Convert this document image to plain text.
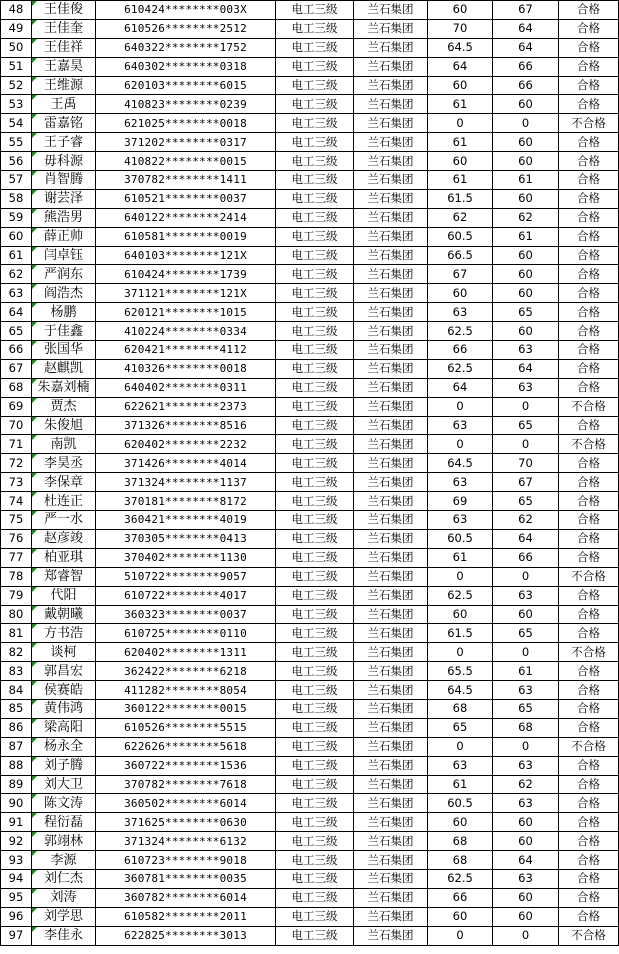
48	王佳俊	610424********003X	电工三级	兰石集团	60	67	合格
49	王佳奎	610526********2512	电工三级	兰石集团	70	64	合格
50	王佳祥	640322********1752	电工三级	兰石集团	64.5	64	合格
51	王嘉昊	640302********0318	电工三级	兰石集团	64	66	合格
52	王维源	620103********6015	电工三级	兰石集团	60	66	合格
53	王禹	410823********0239	电工三级	兰石集团	61	60	合格
54	雷嘉铭	621025********0018	电工三级	兰石集团	0	0	不合格
55	王子睿	371202********0317	电工三级	兰石集团	61	60	合格
56	毋科源	410822********0015	电工三级	兰石集团	60	60	合格
57	肖智腾	370782********1411	电工三级	兰石集团	61	61	合格
58	谢芸泽	610521********0037	电工三级	兰石集团	61.5	60	合格
59	熊浩男	640122********2414	电工三级	兰石集团	62	62	合格
60	薛正帅	610581********0019	电工三级	兰石集团	60.5	61	合格
61	闫卓钰	640103********121X	电工三级	兰石集团	66.5	60	合格
62	严润东	610424********1739	电工三级	兰石集团	67	60	合格
63	阎浩杰	371121********121X	电工三级	兰石集团	60	60	合格
64	杨鹏	620121********1015	电工三级	兰石集团	63	65	合格
65	于佳鑫	410224********0334	电工三级	兰石集团	62.5	60	合格
66	张国华	620421********4112	电工三级	兰石集团	66	63	合格
67	赵麒凯	410326********0018	电工三级	兰石集团	62.5	64	合格
68	朱嘉刘楠	640402********0311	电工三级	兰石集团	64	63	合格
69	贾杰	622621********2373	电工三级	兰石集团	0	0	不合格
70	朱俊旭	371326********8516	电工三级	兰石集团	63	65	合格
71	南凯	620402********2232	电工三级	兰石集团	0	0	不合格
72	李昊丞	371426********4014	电工三级	兰石集团	64.5	70	合格
73	李保章	371324********1137	电工三级	兰石集团	63	67	合格
74	杜连正	370181********8172	电工三级	兰石集团	69	65	合格
75	严一水	360421********4019	电工三级	兰石集团	63	62	合格
76	赵彦竣	370305********0413	电工三级	兰石集团	60.5	64	合格
77	柏亚琪	370402********1130	电工三级	兰石集团	61	66	合格
78	郑睿智	510722********9057	电工三级	兰石集团	0	0	不合格
79	代阳	610722********4017	电工三级	兰石集团	62.5	63	合格
80	戴朝曦	360323********0037	电工三级	兰石集团	60	60	合格
81	方书浩	610725********0110	电工三级	兰石集团	61.5	65	合格
82	谈柯	620402********1311	电工三级	兰石集团	0	0	不合格
83	郭昌宏	362422********6218	电工三级	兰石集团	65.5	61	合格
84	侯赛皓	411282********8054	电工三级	兰石集团	64.5	63	合格
85	黄伟鸿	360122********0015	电工三级	兰石集团	68	65	合格
86	梁高阳	610526********5515	电工三级	兰石集团	65	68	合格
87	杨永全	622626********5618	电工三级	兰石集团	0	0	不合格
88	刘子腾	360722********1536	电工三级	兰石集团	63	63	合格
89	刘大卫	370782********7618	电工三级	兰石集团	61	62	合格
90	陈文涛	360502********6014	电工三级	兰石集团	60.5	63	合格
91	程衍磊	371625********0630	电工三级	兰石集团	60	60	合格
92	郭翊林	371324********6132	电工三级	兰石集团	68	60	合格
93	李源	610723********9018	电工三级	兰石集团	68	64	合格
94	刘仁杰	360781********0035	电工三级	兰石集团	62.5	63	合格
95	刘涛	360782********6014	电工三级	兰石集团	66	60	合格
96	刘学思	610582********2011	电工三级	兰石集团	60	60	合格
97	李佳永	622825********3013	电工三级	兰石集团	0	0	不合格
